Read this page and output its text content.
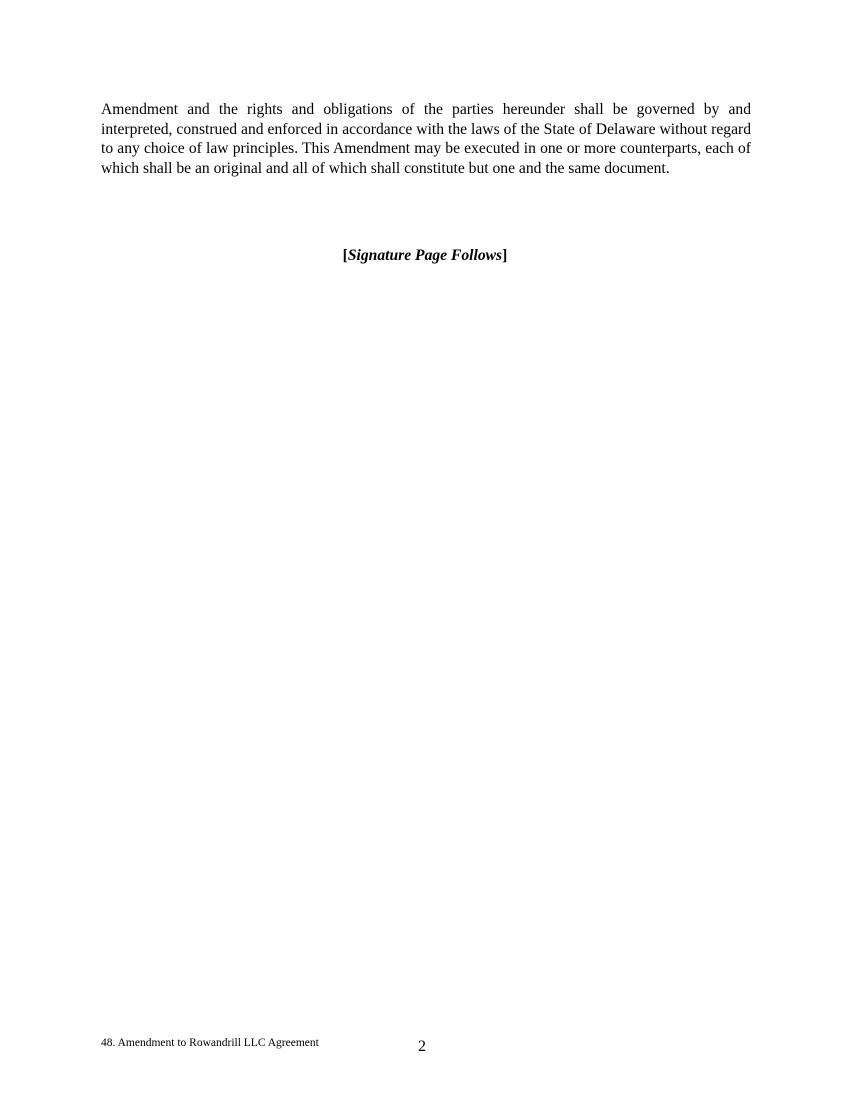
Amendment and the rights and obligations of the parties hereunder shall be governed by and interpreted, construed and enforced in accordance with the laws of the State of Delaware without regard to any choice of law principles. This Amendment may be executed in one or more counterparts, each of which shall be an original and all of which shall constitute but one and the same document.

[Signature Page Follows]

48. Amendment to Rowandrill LLC Agreement	2
